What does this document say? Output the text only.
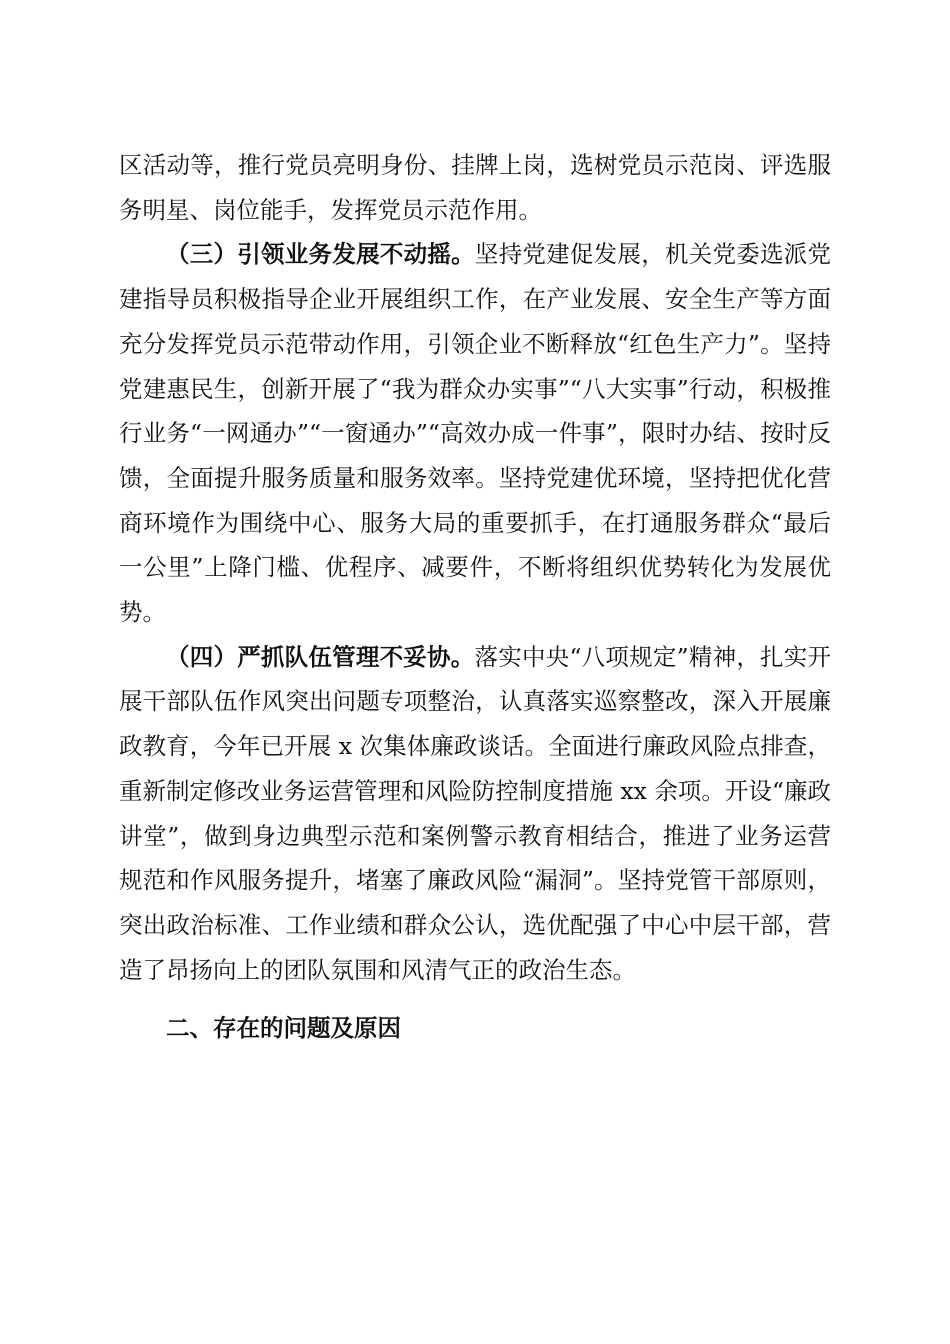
区活动等，推行党员亮明身份、挂牌上岗，选树党员示范岗、评选服务明星、岗位能手，发挥党员示范作用。

（三）引领业务发展不动摇。坚持党建促发展，机关党委选派党建指导员积极指导企业开展组织工作，在产业发展、安全生产等方面充分发挥党员示范带动作用，引领企业不断释放“红色生产力”。坚持党建惠民生，创新开展了“我为群众办实事”“八大实事”行动，积极推行业务“一网通办”“一窗通办”“高效办成一件事”，限时办结、按时反馈，全面提升服务质量和服务效率。坚持党建优环境，坚持把优化营商环境作为围绕中心、服务大局的重要抓手，在打通服务群众“最后一公里”上降门槛、优程序、减要件，不断将组织优势转化为发展优势。

（四）严抓队伍管理不妥协。落实中央“八项规定”精神，扎实开展干部队伍作风突出问题专项整治，认真落实巡察整改，深入开展廉政教育，今年已开展 x 次集体廉政谈话。全面进行廉政风险点排查，重新制定修改业务运营管理和风险防控制度措施 xx 余项。开设“廉政讲堂”，做到身边典型示范和案例警示教育相结合，推进了业务运营规范和作风服务提升，堵塞了廉政风险“漏洞”。坚持党管干部原则，突出政治标准、工作业绩和群众公认，选优配强了中心中层干部，营造了昂扬向上的团队氛围和风清气正的政治生态。

二、存在的问题及原因
